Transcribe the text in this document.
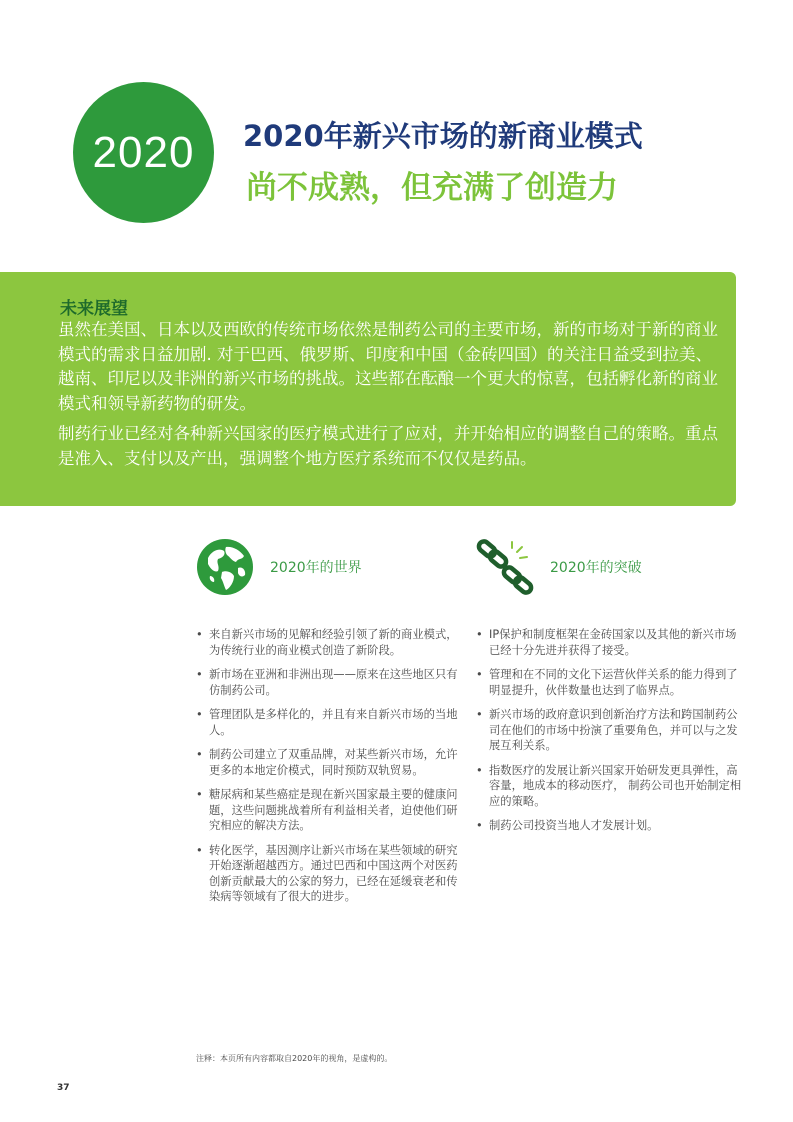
2020 2020年新兴市场的新商业模式
尚不成熟，但充满了创造力
未来展望
虽然在美国、日本以及西欧的传统市场依然是制药公司的主要市场，新的市场对于新的商业模式的需求日益加剧. 对于巴西、俄罗斯、印度和中国（金砖四国）的关注日益受到拉美、越南、印尼以及非洲的新兴市场的挑战。这些都在酝酿一个更大的惊喜，包括孵化新的商业模式和领导新药物的研发。
制药行业已经对各种新兴国家的医疗模式进行了应对，并开始相应的调整自己的策略。重点是准入、支付以及产出，强调整个地方医疗系统而不仅仅是药品。
2020年的世界	2020年的突破
• 来自新兴市场的见解和经验引领了新的商业模式，为传统行业的商业模式创造了新阶段。
• 新市场在亚洲和非洲出现——原来在这些地区只有仿制药公司。
• 管理团队是多样化的，并且有来自新兴市场的当地人。
• 制药公司建立了双重品牌，对某些新兴市场，允许更多的本地定价模式，同时预防双轨贸易。
• 糖尿病和某些癌症是现在新兴国家最主要的健康问题，这些问题挑战着所有利益相关者，迫使他们研究相应的解决方法。
• 转化医学，基因测序让新兴市场在某些领域的研究开始逐渐超越西方。通过巴西和中国这两个对医药创新贡献最大的公家的努力，已经在延缓衰老和传染病等领域有了很大的进步。
• IP保护和制度框架在金砖国家以及其他的新兴市场已经十分先进并获得了接受。
• 管理和在不同的文化下运营伙伴关系的能力得到了明显提升，伙伴数量也达到了临界点。
• 新兴市场的政府意识到创新治疗方法和跨国制药公司在他们的市场中扮演了重要角色，并可以与之发展互利关系。
• 指数医疗的发展让新兴国家开始研发更具弹性，高容量，地成本的移动医疗， 制药公司也开始制定相应的策略。
• 制药公司投资当地人才发展计划。
注释：本页所有内容都取自2020年的视角，是虚构的。
37
